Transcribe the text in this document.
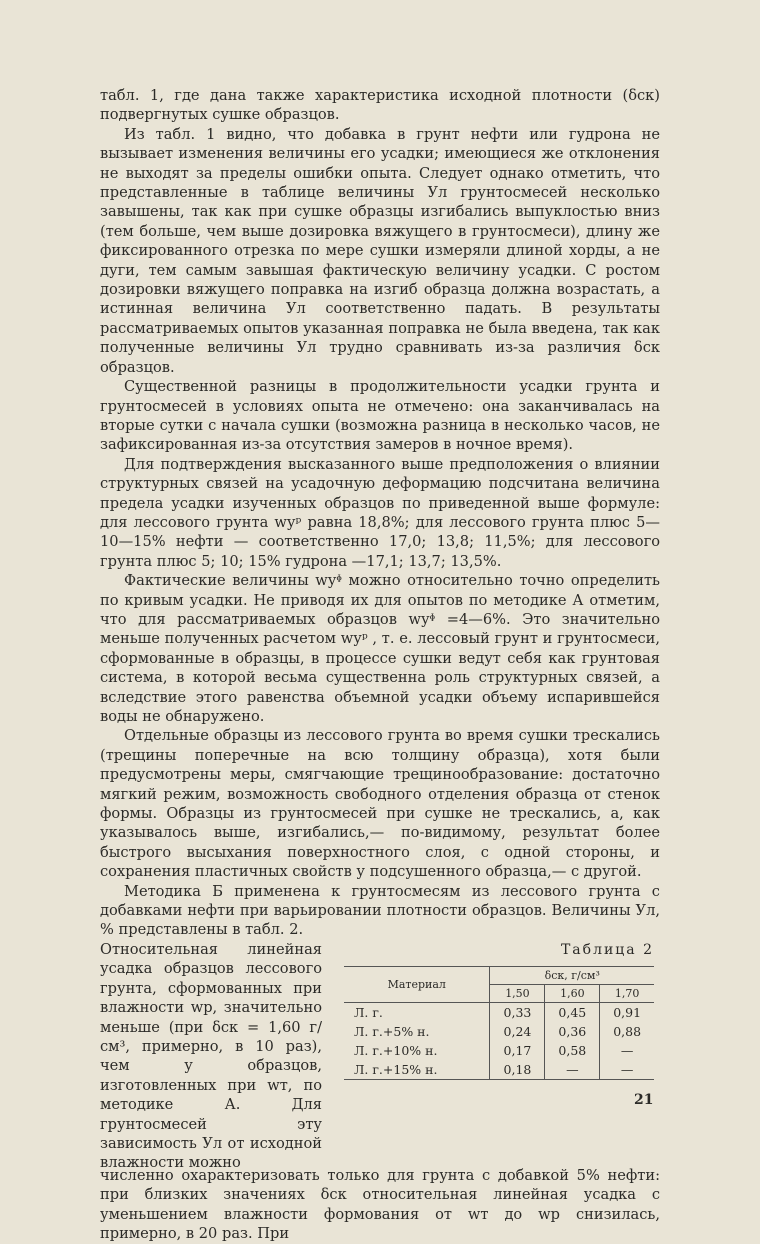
табл. 1, где дана также характеристика исходной плотности (δск) подвергнутых сушке образцов.

Из табл. 1 видно, что добавка в грунт нефти или гудрона не вызывает изменения величины его усадки; имеющиеся же отклонения не выходят за пределы ошибки опыта. Следует однако отметить, что представленные в таблице величины Ул грунтосмесей несколько завышены, так как при сушке образцы изгибались выпуклостью вниз (тем больше, чем выше дозировка вяжущего в грунтосмеси), длину же фиксированного отрезка по мере сушки измеряли длиной хорды, а не дуги, тем самым завышая фактическую величину усадки. С ростом дозировки вяжущего поправка на изгиб образца должна возрастать, а истинная величина Ул соответственно падать. В результаты рассматриваемых опытов указанная поправка не была введена, так как полученные величины Ул трудно сравнивать из-за различия δск образцов.

Существенной разницы в продолжительности усадки грунта и грунтосмесей в условиях опыта не отмечено: она заканчивалась на вторые сутки с начала сушки (возможна разница в несколько часов, не зафиксированная из-за отсутствия замеров в ночное время).

Для подтверждения высказанного выше предположения о влиянии структурных связей на усадочную деформацию подсчитана величина предела усадки изученных образцов по приведенной выше формуле: для лессового грунта wуᵖ равна 18,8%; для лессового грунта плюс 5—10—15% нефти — соответственно 17,0; 13,8; 11,5%; для лессового грунта плюс 5; 10; 15% гудрона —17,1; 13,7; 13,5%.

Фактические величины wуᶲ можно относительно точно определить по кривым усадки. Не приводя их для опытов по методике А отметим, что для рассматриваемых образцов wуᶲ =4—6%. Это значительно меньше полученных расчетом wуᵖ , т. е. лессовый грунт и грунтосмеси, сформованные в образцы, в процессе сушки ведут себя как грунтовая система, в которой весьма существенна роль структурных связей, а вследствие этого равенства объемной усадки объему испарившейся воды не обнаружено.

Отдельные образцы из лессового грунта во время сушки трескались (трещины поперечные на всю толщину образца), хотя были предусмотрены меры, смягчающие трещинообразование: достаточно мягкий режим, возможность свободного отделения образца от стенок формы. Образцы из грунтосмесей при сушке не трескались, а, как указывалось выше, изгибались,— по-видимому, результат более быстрого высыхания поверхностного слоя, с одной стороны, и сохранения пластичных свойств у подсушенного образца,— с другой.

Методика Б применена к грунтосмесям из лессового грунта с добавками нефти при варьировании плотности образцов. Величины Ул, % представлены в табл. 2.

Относительная линейная усадка образцов лессового грунта, сформованных при влажности wр, значительно меньше (при δск = 1,60 г/см³, примерно, в 10 раз), чем у образцов, изготовленных при wт, по методике А. Для грунтосмесей эту зависимость Ул от исходной влажности можно
Таблица 2
Материал	δск, г/см³		
	1,50	1,60	1,70
Л. г.	0,33	0,45	0,91
Л. г.+5% н.	0,24	0,36	0,88
Л. г.+10% н.	0,17	0,58	—
Л. г.+15% н.	0,18	—	—
численно охарактеризовать только для грунта с добавкой 5% нефти: при близких значениях δск относительная линейная усадка с уменьшением влажности формования от wт до wр снизилась, примерно, в 20 раз. При
21
